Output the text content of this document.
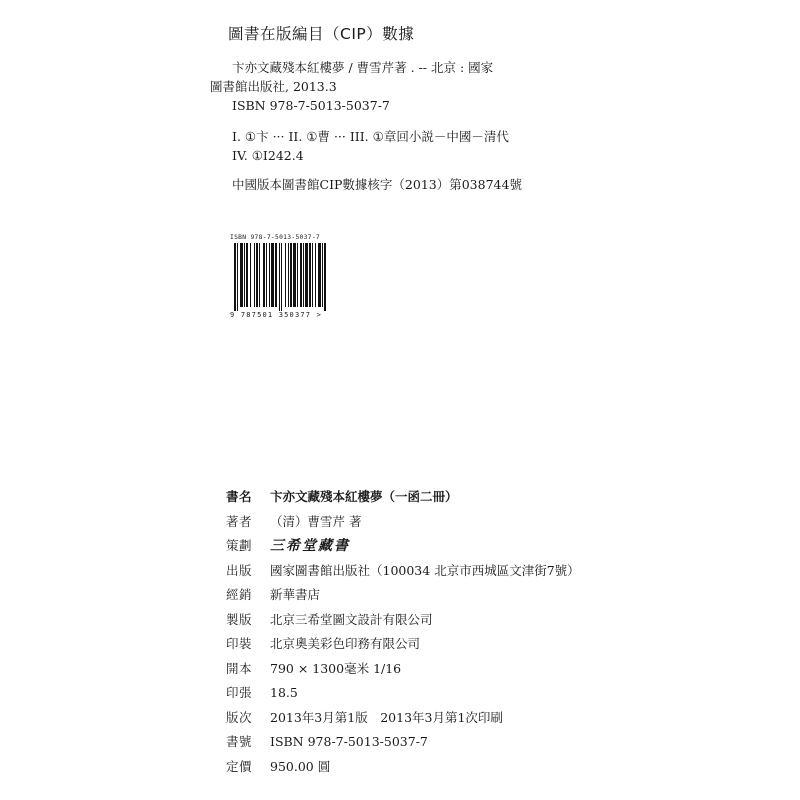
圖書在版編目（CIP）數據
卞亦文藏殘本紅樓夢 / 曹雪芹著 . -- 北京 : 國家
圖書館出版社, 2013.3
ISBN 978-7-5013-5037-7
I. ①卞 ··· II. ①曹 ··· III. ①章回小説－中國－清代
IV. ①I242.4
中國版本圖書館CIP數據核字（2013）第038744號
ISBN 978-7-5013-5037-7
9 787501 350377 >
書名	卞亦文藏殘本紅樓夢（一函二冊）
著者	（清）曹雪芹 著
策劃	三希堂藏書
出版	國家圖書館出版社（100034 北京市西城區文津街7號）
經銷	新華書店
製版	北京三希堂圖文設計有限公司
印裝	北京奧美彩色印務有限公司
開本	790 × 1300毫米 1/16
印張	18.5
版次	2013年3月第1版　2013年3月第1次印刷
書號	ISBN 978-7-5013-5037-7
定價	950.00 圓
